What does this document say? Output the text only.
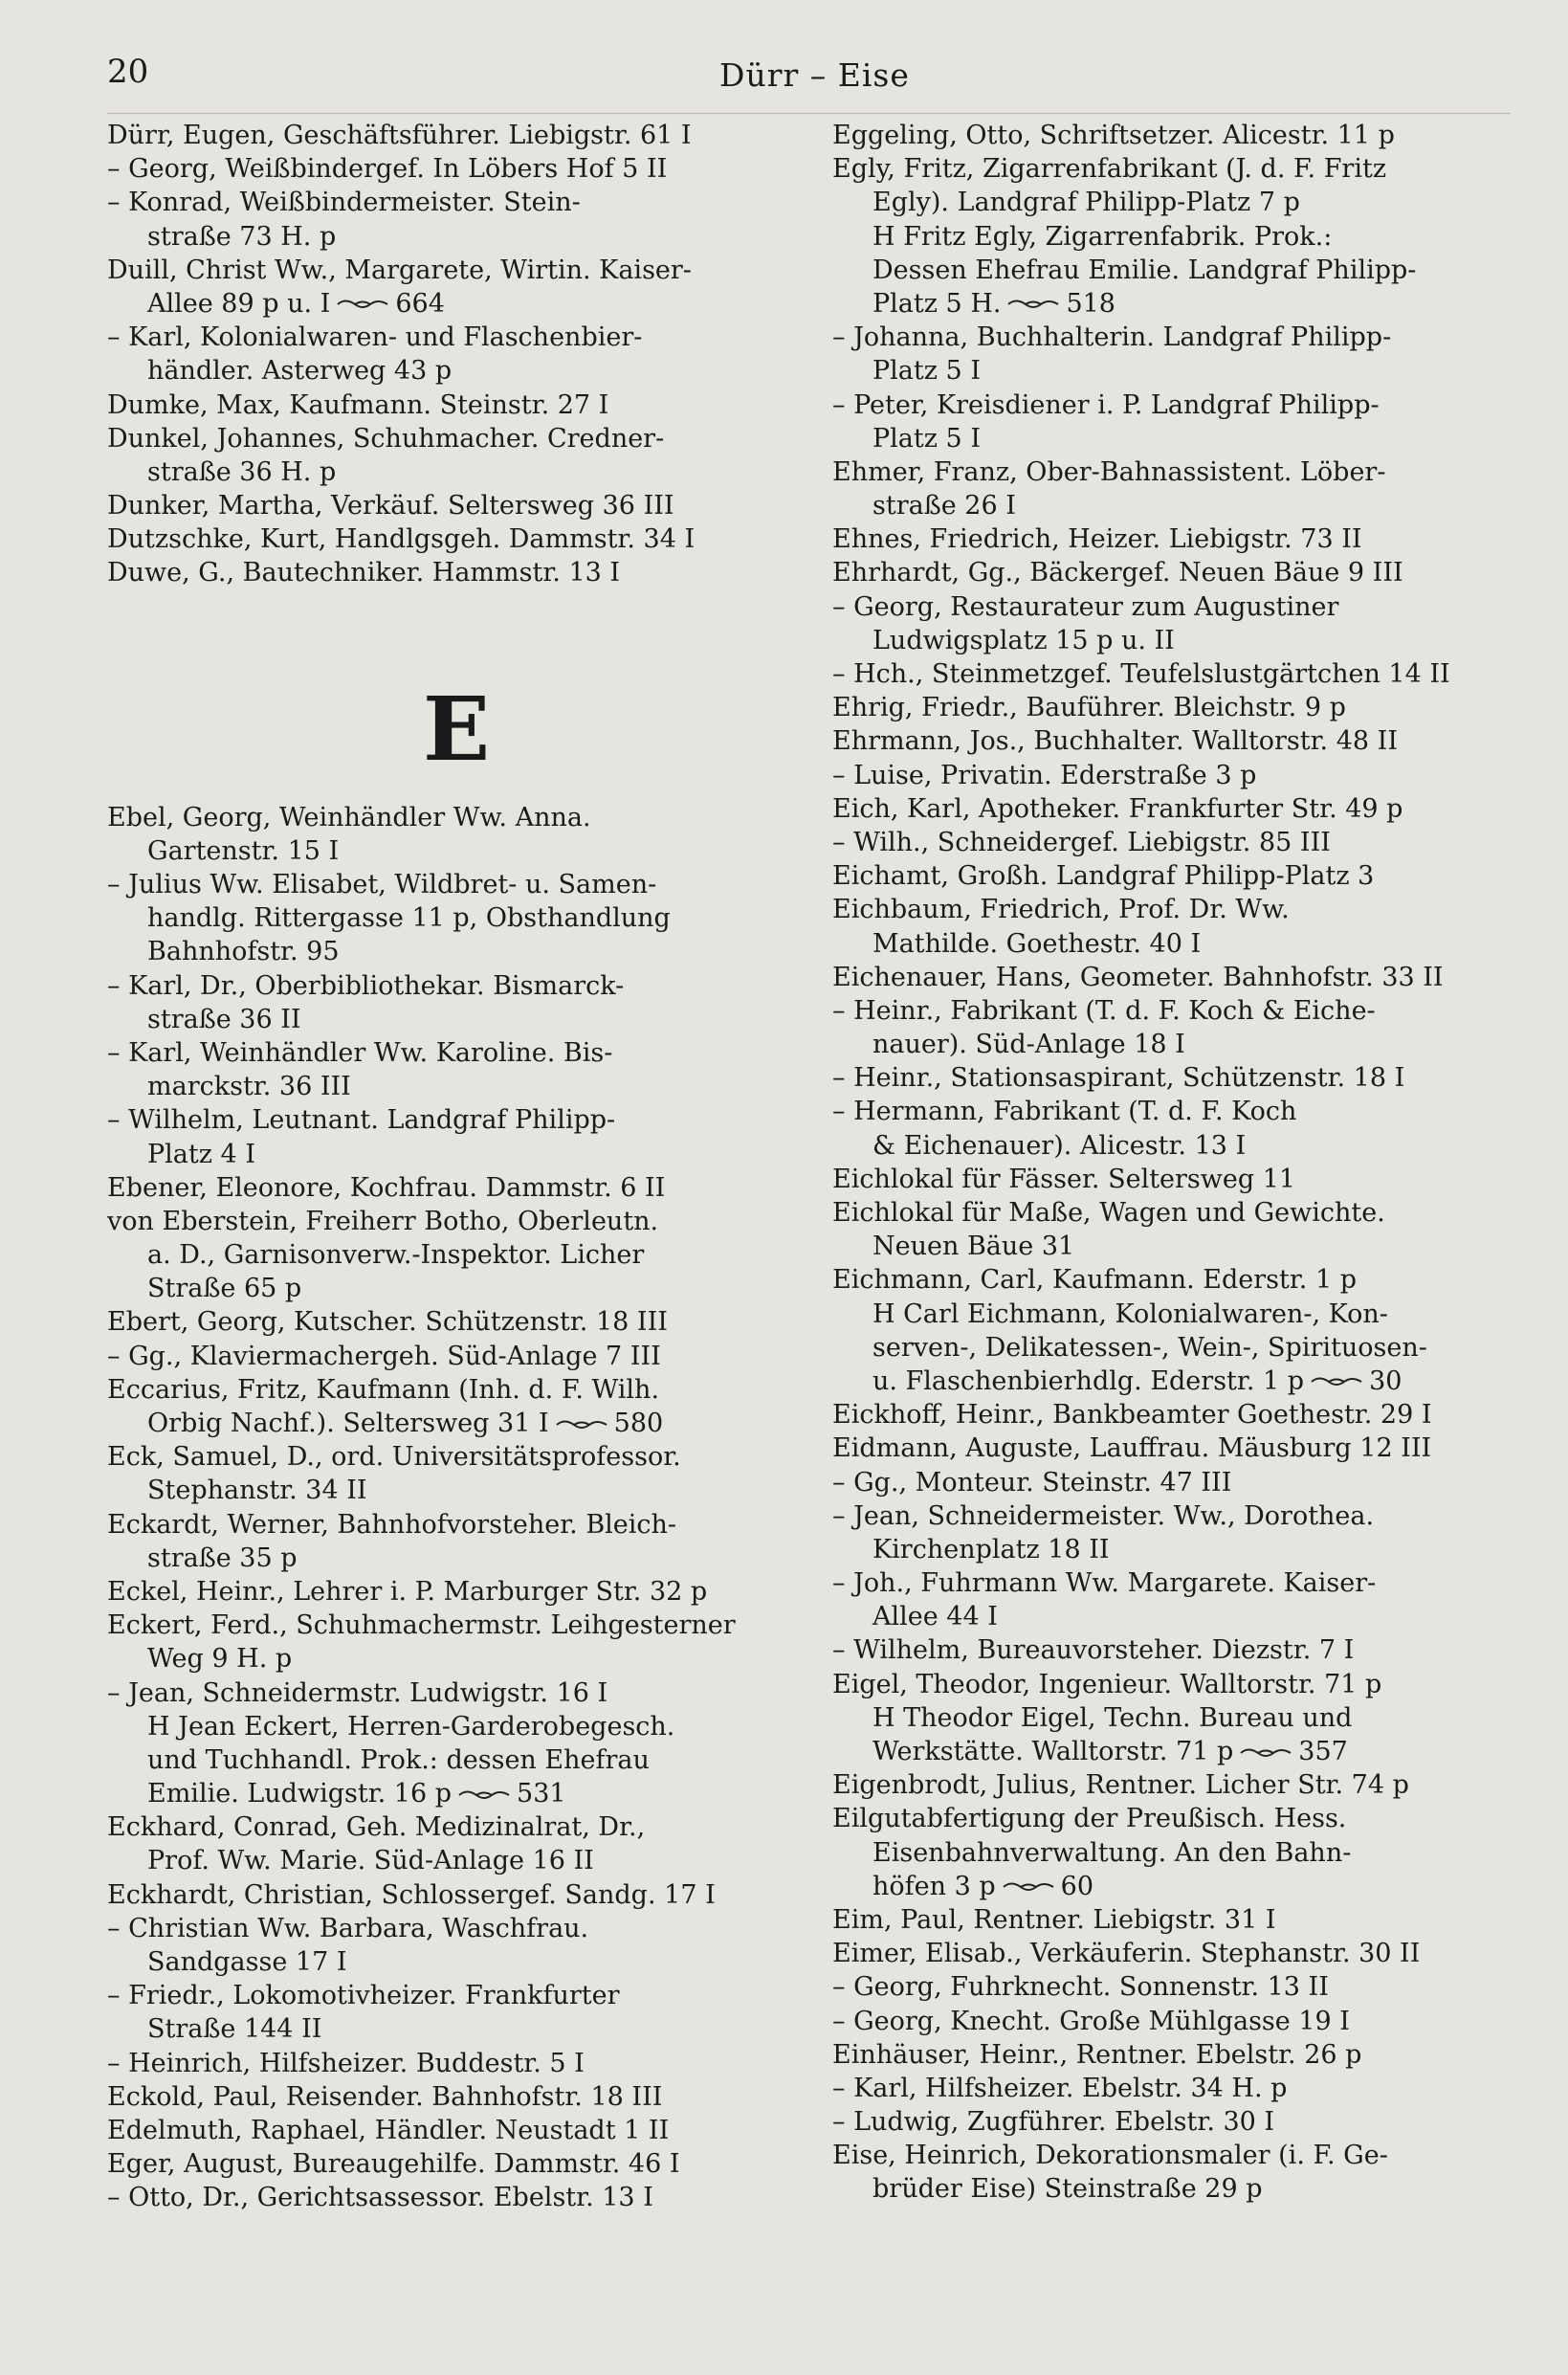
20	Dürr – Eise
Dürr, Eugen, Geschäftsführer. Liebigstr. 61 I
– Georg, Weißbindergef. In Löbers Hof 5 II
– Konrad, Weißbindermeister. Stein-
straße 73 H. p
Duill, Christ Ww., Margarete, Wirtin. Kaiser-
Allee 89 p u. I	664
– Karl, Kolonialwaren- und Flaschenbier-
händler. Asterweg 43 p
Dumke, Max, Kaufmann. Steinstr. 27 I
Dunkel, Johannes, Schuhmacher. Credner-
straße 36 H. p
Dunker, Martha, Verkäuf. Seltersweg 36 III
Dutzschke, Kurt, Handlgsgeh. Dammstr. 34 I
Duwe, G., Bautechniker. Hammstr. 13 I
E
Ebel, Georg, Weinhändler Ww. Anna.
Gartenstr. 15 I
– Julius Ww. Elisabet, Wildbret- u. Samen-
handlg. Rittergasse 11 p, Obsthandlung
Bahnhofstr. 95
– Karl, Dr., Oberbibliothekar. Bismarck-
straße 36 II
– Karl, Weinhändler Ww. Karoline. Bis-
marckstr. 36 III
– Wilhelm, Leutnant. Landgraf Philipp-
Platz 4 I
Ebener, Eleonore, Kochfrau. Dammstr. 6 II
von Eberstein, Freiherr Botho, Oberleutn.
a. D., Garnisonverw.-Inspektor. Licher
Straße 65 p
Ebert, Georg, Kutscher. Schützenstr. 18 III
– Gg., Klaviermachergeh. Süd-Anlage 7 III
Eccarius, Fritz, Kaufmann (Inh. d. F. Wilh.
Orbig Nachf.). Seltersweg 31 I	580
Eck, Samuel, D., ord. Universitätsprofessor.
Stephanstr. 34 II
Eckardt, Werner, Bahnhofvorsteher. Bleich-
straße 35 p
Eckel, Heinr., Lehrer i. P. Marburger Str. 32 p
Eckert, Ferd., Schuhmachermstr. Leihgesterner
Weg 9 H. p
– Jean, Schneidermstr. Ludwigstr. 16 I
H Jean Eckert, Herren-Garderobegesch.
und Tuchhandl. Prok.: dessen Ehefrau
Emilie. Ludwigstr. 16 p	531
Eckhard, Conrad, Geh. Medizinalrat, Dr.,
Prof. Ww. Marie. Süd-Anlage 16 II
Eckhardt, Christian, Schlossergef. Sandg. 17 I
– Christian Ww. Barbara, Waschfrau.
Sandgasse 17 I
– Friedr., Lokomotivheizer. Frankfurter
Straße 144 II
– Heinrich, Hilfsheizer. Buddestr. 5 I
Eckold, Paul, Reisender. Bahnhofstr. 18 III
Edelmuth, Raphael, Händler. Neustadt 1 II
Eger, August, Bureaugehilfe. Dammstr. 46 I
– Otto, Dr., Gerichtsassessor. Ebelstr. 13 I
Eggeling, Otto, Schriftsetzer. Alicestr. 11 p
Egly, Fritz, Zigarrenfabrikant (J. d. F. Fritz
Egly). Landgraf Philipp-Platz 7 p
H Fritz Egly, Zigarrenfabrik. Prok.:
Dessen Ehefrau Emilie. Landgraf Philipp-
Platz 5 H.	518
– Johanna, Buchhalterin. Landgraf Philipp-
Platz 5 I
– Peter, Kreisdiener i. P. Landgraf Philipp-
Platz 5 I
Ehmer, Franz, Ober-Bahnassistent. Löber-
straße 26 I
Ehnes, Friedrich, Heizer. Liebigstr. 73 II
Ehrhardt, Gg., Bäckergef. Neuen Bäue 9 III
– Georg, Restaurateur zum Augustiner
Ludwigsplatz 15 p u. II
– Hch., Steinmetzgef. Teufelslustgärtchen 14 II
Ehrig, Friedr., Bauführer. Bleichstr. 9 p
Ehrmann, Jos., Buchhalter. Walltorstr. 48 II
– Luise, Privatin. Ederstraße 3 p
Eich, Karl, Apotheker. Frankfurter Str. 49 p
– Wilh., Schneidergef. Liebigstr. 85 III
Eichamt, Großh. Landgraf Philipp-Platz 3
Eichbaum, Friedrich, Prof. Dr. Ww.
Mathilde. Goethestr. 40 I
Eichenauer, Hans, Geometer. Bahnhofstr. 33 II
– Heinr., Fabrikant (T. d. F. Koch & Eiche-
nauer). Süd-Anlage 18 I
– Heinr., Stationsaspirant, Schützenstr. 18 I
– Hermann, Fabrikant (T. d. F. Koch
& Eichenauer). Alicestr. 13 I
Eichlokal für Fässer. Seltersweg 11
Eichlokal für Maße, Wagen und Gewichte.
Neuen Bäue 31
Eichmann, Carl, Kaufmann. Ederstr. 1 p
H Carl Eichmann, Kolonialwaren-, Kon-
serven-, Delikatessen-, Wein-, Spirituosen-
u. Flaschenbierhdlg. Ederstr. 1 p	30
Eickhoff, Heinr., Bankbeamter Goethestr. 29 I
Eidmann, Auguste, Lauffrau. Mäusburg 12 III
– Gg., Monteur. Steinstr. 47 III
– Jean, Schneidermeister. Ww., Dorothea.
Kirchenplatz 18 II
– Joh., Fuhrmann Ww. Margarete. Kaiser-
Allee 44 I
– Wilhelm, Bureauvorsteher. Diezstr. 7 I
Eigel, Theodor, Ingenieur. Walltorstr. 71 p
H Theodor Eigel, Techn. Bureau und
Werkstätte. Walltorstr. 71 p	357
Eigenbrodt, Julius, Rentner. Licher Str. 74 p
Eilgutabfertigung der Preußisch. Hess.
Eisenbahnverwaltung. An den Bahn-
höfen 3 p	60
Eim, Paul, Rentner. Liebigstr. 31 I
Eimer, Elisab., Verkäuferin. Stephanstr. 30 II
– Georg, Fuhrknecht. Sonnenstr. 13 II
– Georg, Knecht. Große Mühlgasse 19 I
Einhäuser, Heinr., Rentner. Ebelstr. 26 p
– Karl, Hilfsheizer. Ebelstr. 34 H. p
– Ludwig, Zugführer. Ebelstr. 30 I
Eise, Heinrich, Dekorationsmaler (i. F. Ge-
brüder Eise) Steinstraße 29 p
